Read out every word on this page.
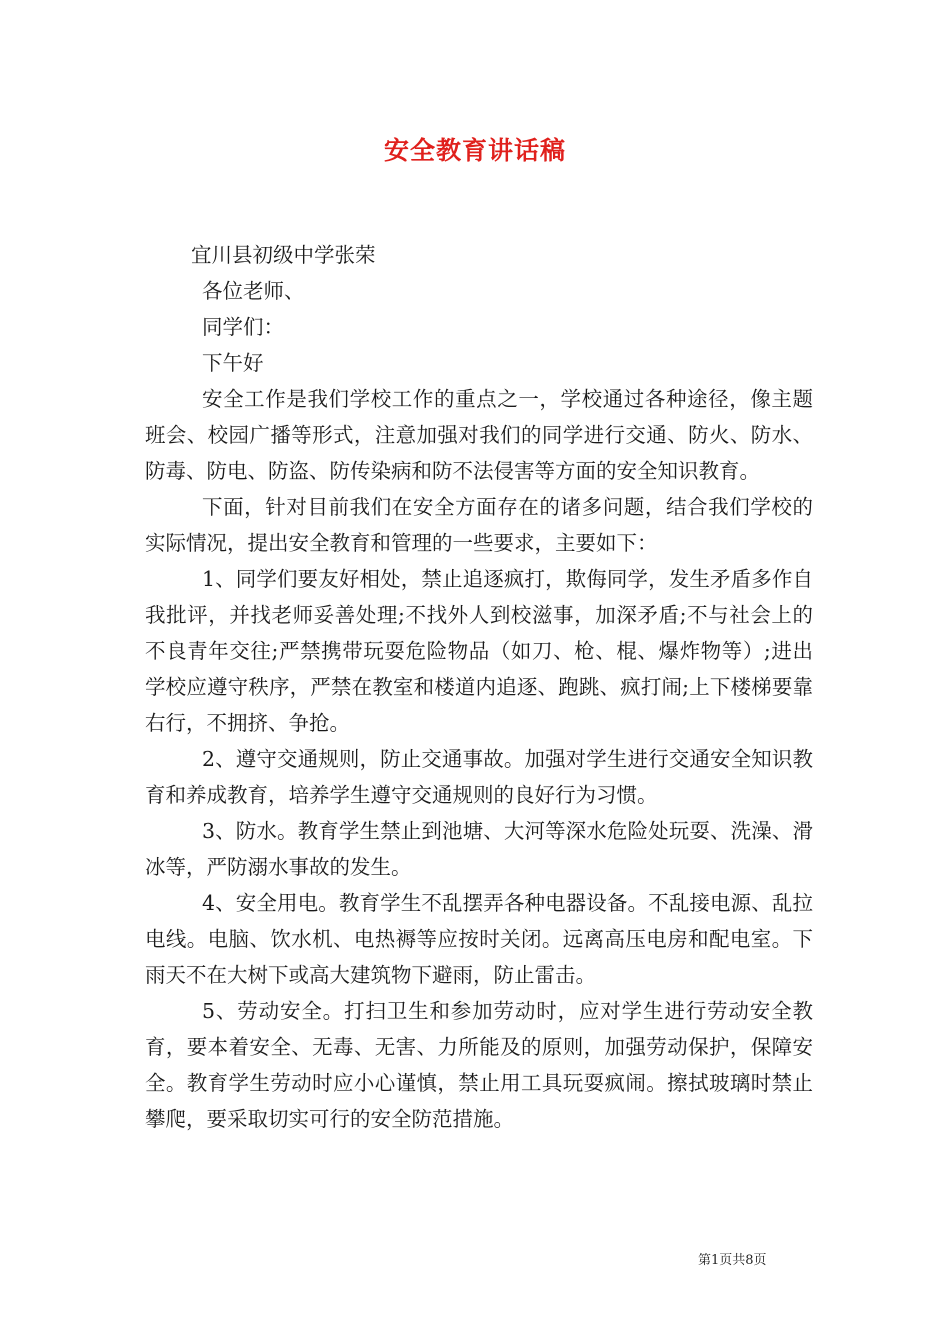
安全教育讲话稿

宜川县初级中学张荣

各位老师、

同学们：

下午好

安全工作是我们学校工作的重点之一，学校通过各种途径，像主题班会、校园广播等形式，注意加强对我们的同学进行交通、防火、防水、防毒、防电、防盗、防传染病和防不法侵害等方面的安全知识教育。

下面，针对目前我们在安全方面存在的诸多问题，结合我们学校的实际情况，提出安全教育和管理的一些要求，主要如下：

1、同学们要友好相处，禁止追逐疯打，欺侮同学，发生矛盾多作自我批评，并找老师妥善处理;不找外人到校滋事，加深矛盾;不与社会上的不良青年交往;严禁携带玩耍危险物品（如刀、枪、棍、爆炸物等）;进出学校应遵守秩序，严禁在教室和楼道内追逐、跑跳、疯打闹;上下楼梯要靠右行，不拥挤、争抢。

2、遵守交通规则，防止交通事故。加强对学生进行交通安全知识教育和养成教育，培养学生遵守交通规则的良好行为习惯。

3、防水。教育学生禁止到池塘、大河等深水危险处玩耍、洗澡、滑冰等，严防溺水事故的发生。

4、安全用电。教育学生不乱摆弄各种电器设备。不乱接电源、乱拉电线。电脑、饮水机、电热褥等应按时关闭。远离高压电房和配电室。下雨天不在大树下或高大建筑物下避雨，防止雷击。

5、劳动安全。打扫卫生和参加劳动时，应对学生进行劳动安全教育，要本着安全、无毒、无害、力所能及的原则，加强劳动保护，保障安全。教育学生劳动时应小心谨慎，禁止用工具玩耍疯闹。擦拭玻璃时禁止攀爬，要采取切实可行的安全防范措施。

第1页共8页
